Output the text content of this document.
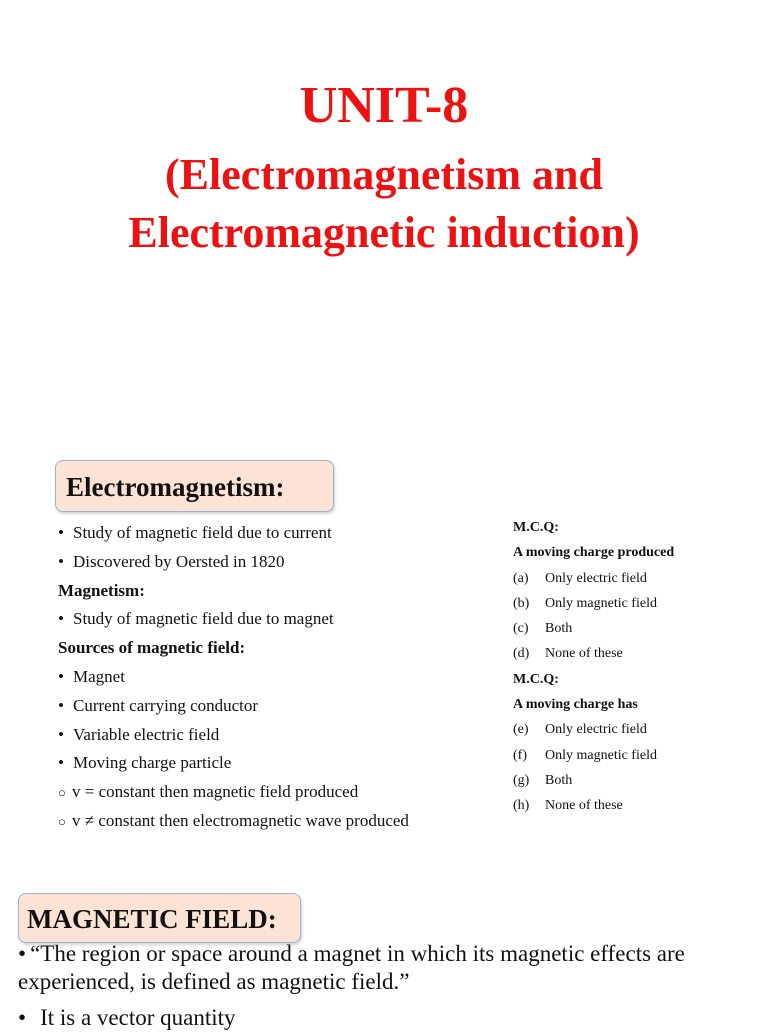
UNIT-8
(Electromagnetism and
Electromagnetic induction)
Electromagnetism:
• Study of magnetic field due to current
• Discovered by Oersted in 1820
Magnetism:
• Study of magnetic field due to magnet
Sources of magnetic field:
• Magnet
• Current carrying conductor
• Variable electric field
• Moving charge particle
○ v = constant then magnetic field produced
○ v ≠ constant then electromagnetic wave produced
M.C.Q:
A moving charge produced
(a) Only electric field
(b) Only magnetic field
(c) Both
(d) None of these
M.C.Q:
A moving charge has
(e) Only electric field
(f) Only magnetic field
(g) Both
(h) None of these
MAGNETIC FIELD:

• “The region or space around a magnet in which its magnetic effects are experienced, is defined as magnetic field.”

• It is a vector quantity
